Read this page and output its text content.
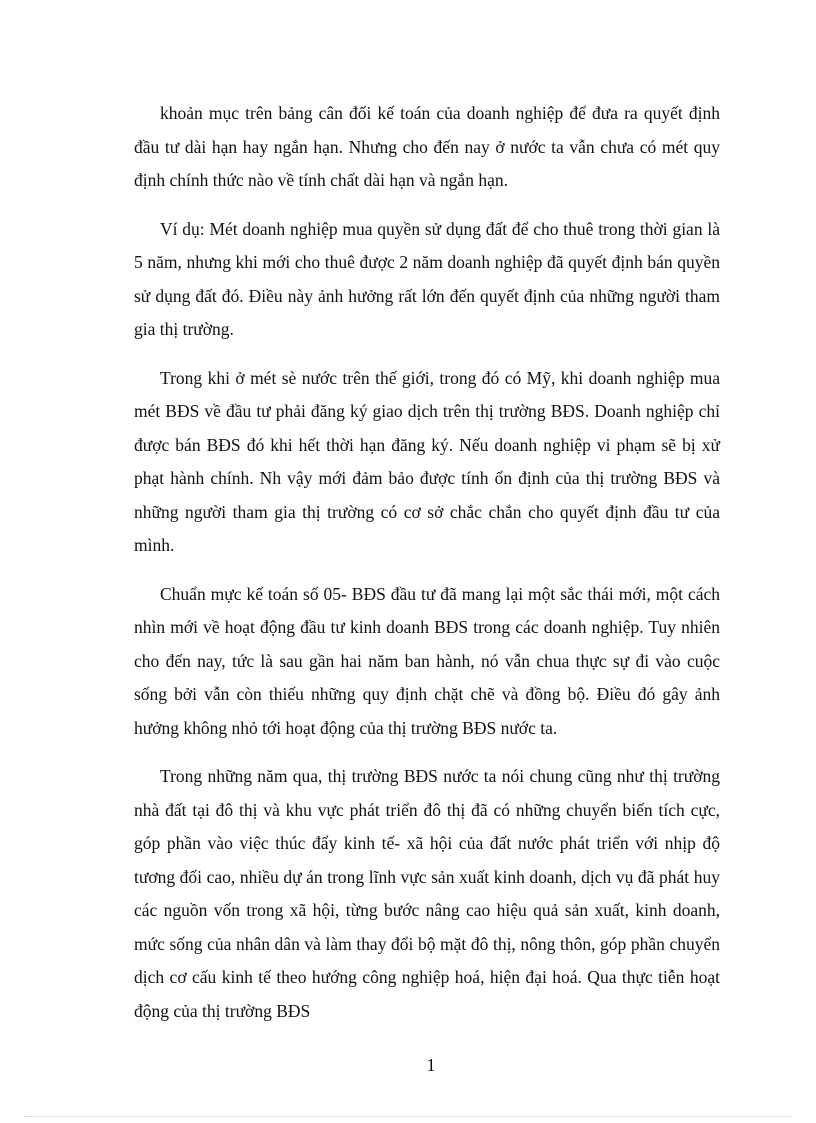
khoản mục trên bảng cân đối kế toán của doanh nghiệp để đưa ra quyết định đầu tư dài hạn hay ngắn hạn. Nhưng cho đến nay ở nước ta vẫn chưa có mét quy định chính thức nào về tính chất dài hạn và ngắn hạn.

Ví dụ: Mét doanh nghiệp mua quyền sử dụng đất để cho thuê trong thời gian là 5 năm, nhưng khi mới cho thuê được 2 năm doanh nghiệp đã quyết định bán quyền sử dụng đất đó. Điều này ảnh hưởng rất lớn đến quyết định của những người tham gia thị trường.

Trong khi ở mét sè nước trên thế giới, trong đó có Mỹ, khi doanh nghiệp mua mét BĐS về đầu tư phải đăng ký giao dịch trên thị trường BĐS. Doanh nghiệp chỉ được bán BĐS đó khi hết thời hạn đăng ký. Nếu doanh nghiệp vi phạm sẽ bị xử phạt hành chính. Nh vậy mới đảm bảo được tính ổn định của thị trường BĐS và những người tham gia thị trường có cơ sở chắc chắn cho quyết định đầu tư của mình.

Chuẩn mực kế toán số 05- BĐS đầu tư đã mang lại một sắc thái mới, một cách nhìn mới về hoạt động đầu tư kinh doanh BĐS trong các doanh nghiệp. Tuy nhiên cho đến nay, tức là sau gần hai năm ban hành, nó vẫn chua thực sự đi vào cuộc sống bởi vẫn còn thiếu những quy định chặt chẽ và đồng bộ. Điều đó gây ảnh hưởng không nhỏ tới hoạt động của thị trường BĐS nước ta.

Trong những năm qua, thị trường BĐS nước ta nói chung cũng như thị trường nhà đất tại đô thị và khu vực phát triển đô thị đã có những chuyển biến tích cực, góp phần vào việc thúc đẩy kinh tế- xã hội của đất nước phát triển với nhịp độ tương đối cao, nhiều dự án trong lĩnh vực sản xuất kinh doanh, dịch vụ đã phát huy các nguồn vốn trong xã hội, từng bước nâng cao hiệu quả sản xuất, kinh doanh, mức sống của nhân dân và làm thay đổi bộ mặt đô thị, nông thôn, góp phần chuyển dịch cơ cấu kinh tế theo hướng công nghiệp hoá, hiện đại hoá. Qua thực tiễn hoạt động của thị trường BĐS

1
